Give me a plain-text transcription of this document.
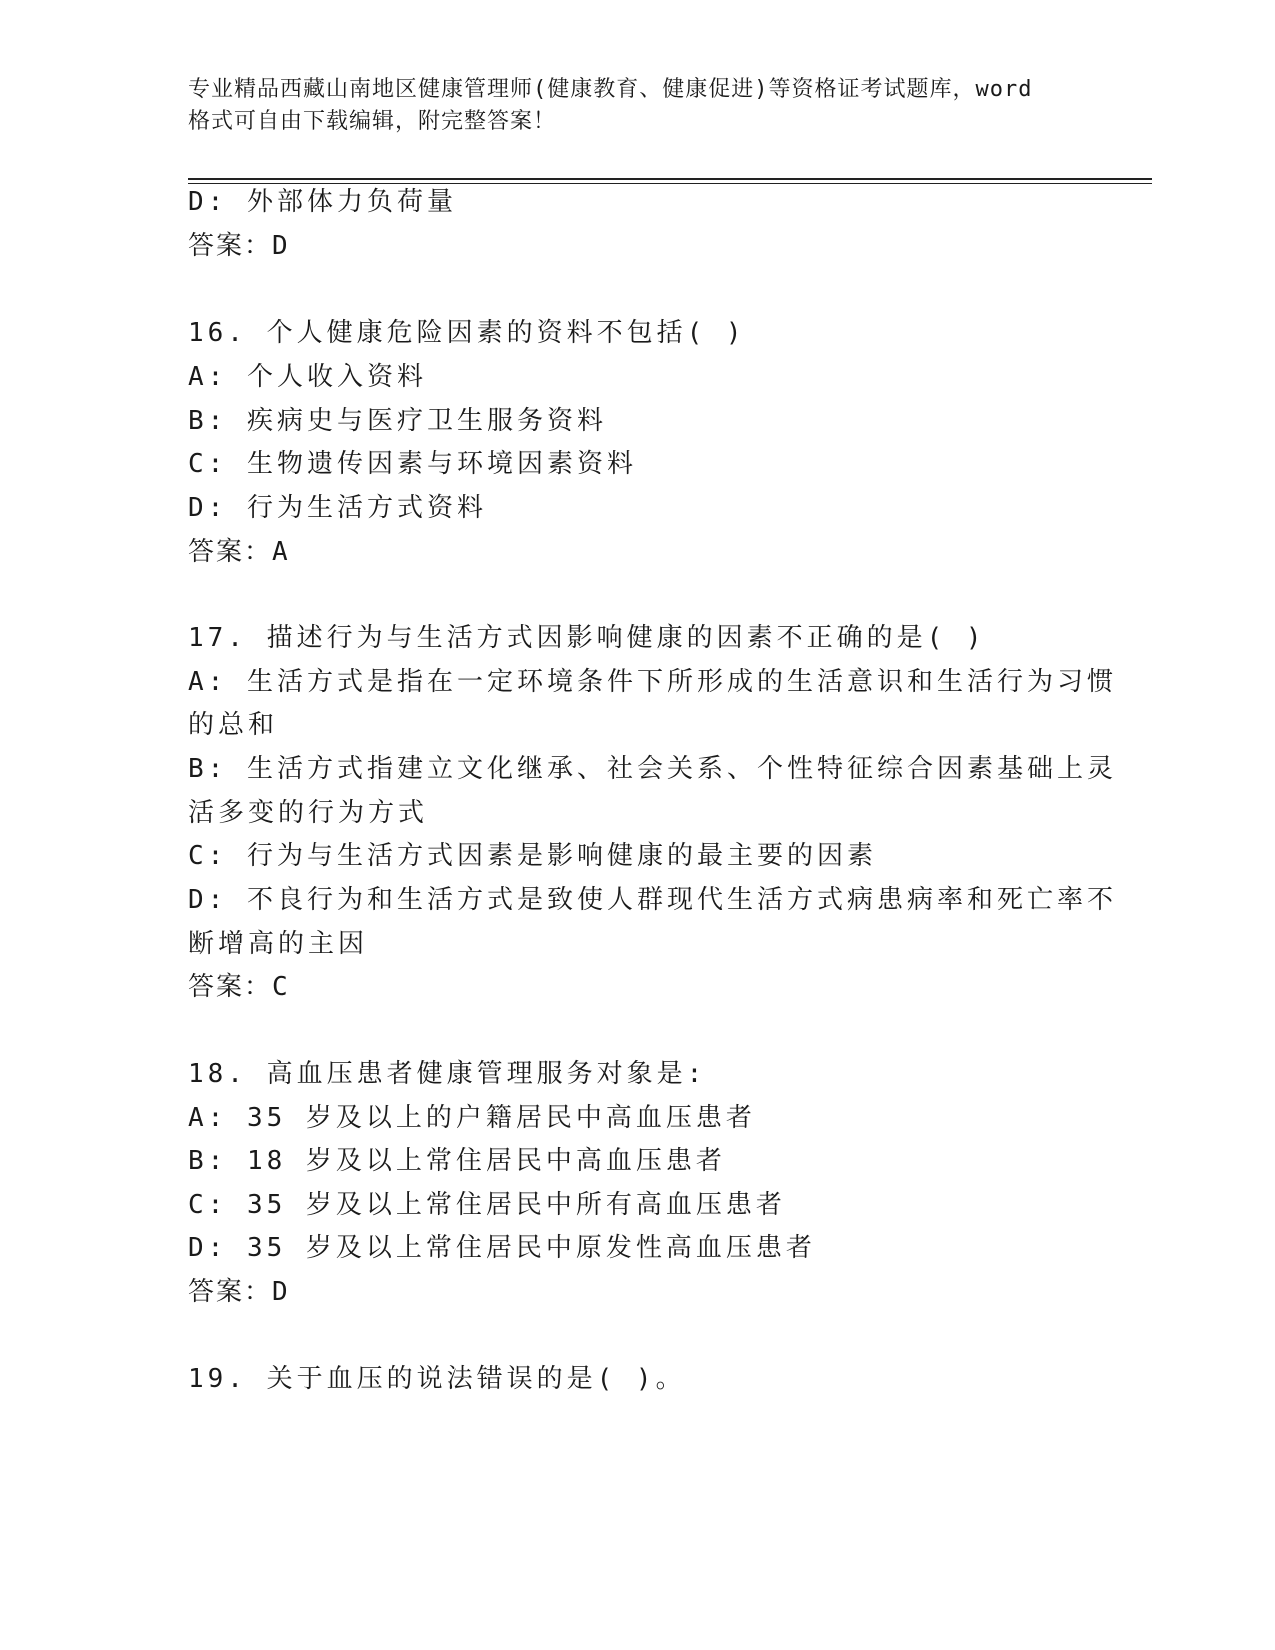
专业精品西藏山南地区健康管理师(健康教育、健康促进)等资格证考试题库，word
格式可自由下载编辑，附完整答案！
D: 外部体力负荷量
答案：D
16. 个人健康危险因素的资料不包括( )
A: 个人收入资料
B: 疾病史与医疗卫生服务资料
C: 生物遗传因素与环境因素资料
D: 行为生活方式资料
答案：A
17. 描述行为与生活方式因影响健康的因素不正确的是( )
A: 生活方式是指在一定环境条件下所形成的生活意识和生活行为习惯
的总和
B: 生活方式指建立文化继承、社会关系、个性特征综合因素基础上灵
活多变的行为方式
C: 行为与生活方式因素是影响健康的最主要的因素
D: 不良行为和生活方式是致使人群现代生活方式病患病率和死亡率不
断增高的主因
答案：C
18. 高血压患者健康管理服务对象是:
A: 35 岁及以上的户籍居民中高血压患者
B: 18 岁及以上常住居民中高血压患者
C: 35 岁及以上常住居民中所有高血压患者
D: 35 岁及以上常住居民中原发性高血压患者
答案：D
19. 关于血压的说法错误的是( )。
